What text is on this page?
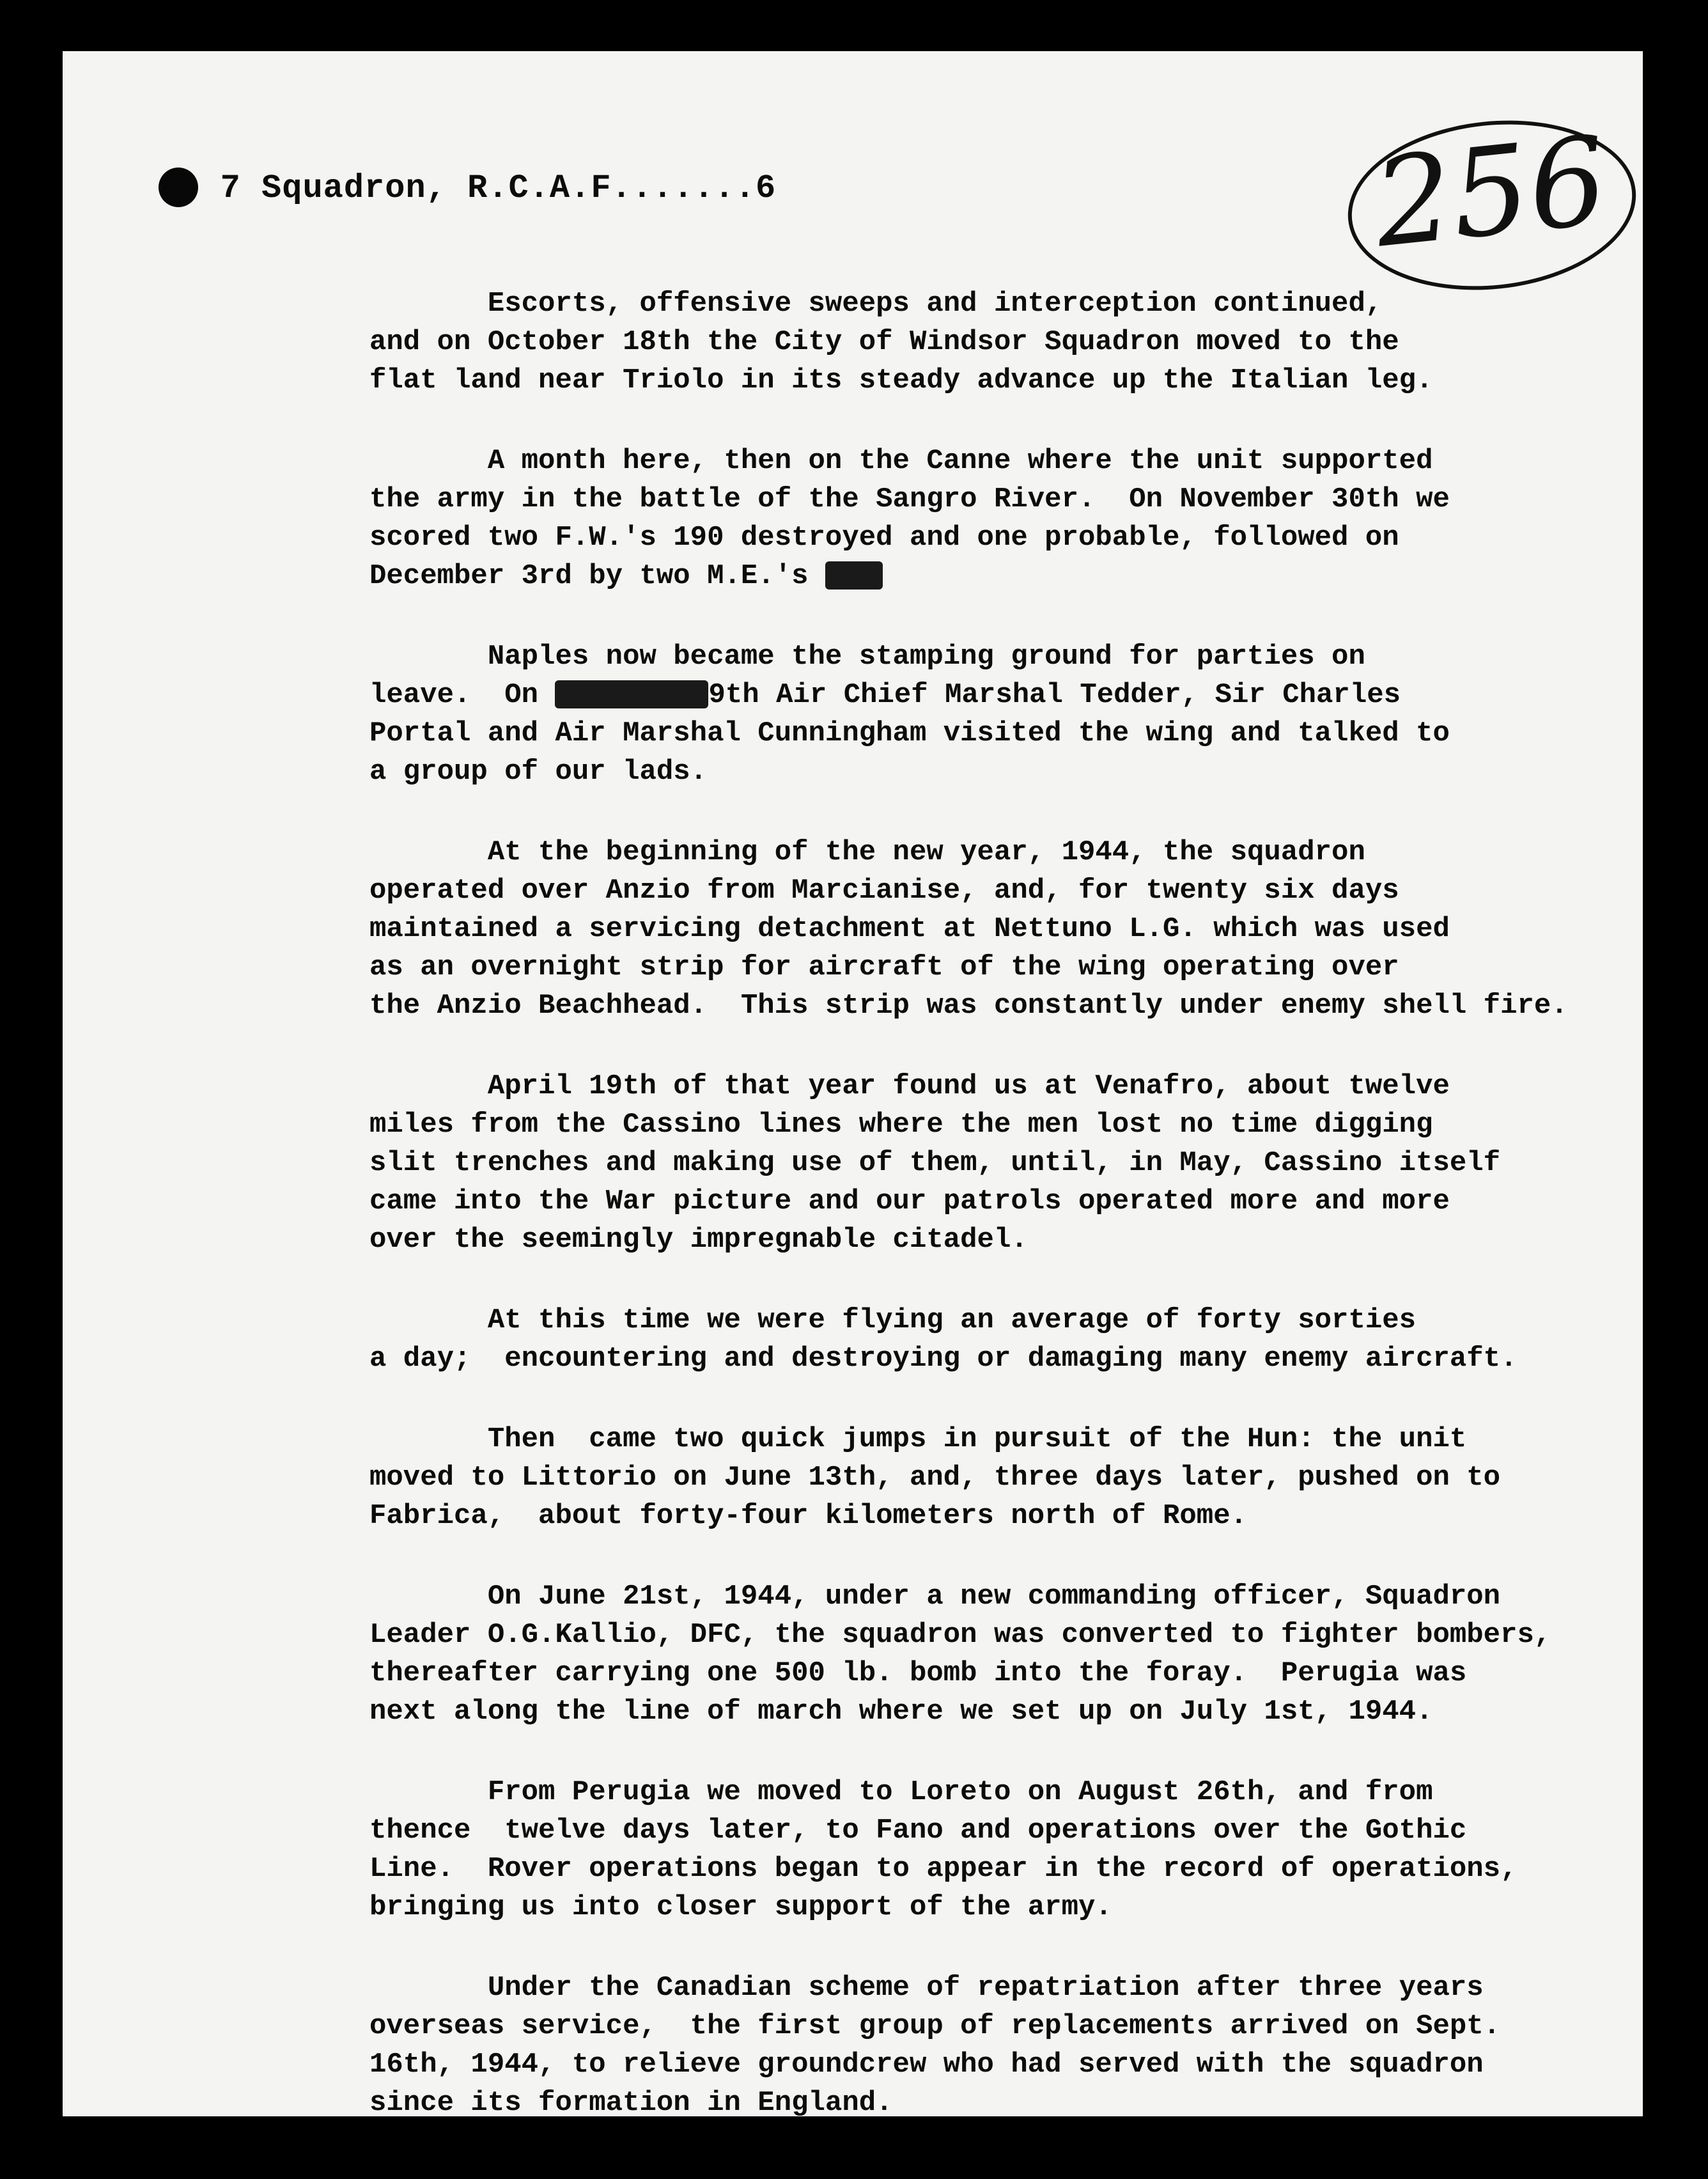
7 Squadron, R.C.A.F.......6	256
Escorts, offensive sweeps and interception continued,
and on October 18th the City of Windsor Squadron moved to the
flat land near Triolo in its steady advance up the Italian leg.
A month here, then on the Canne where the unit supported
the army in the battle of the Sangro River.  On November 30th we
scored two F.W.'s 190 destroyed and one probable, followed on
December 3rd by two M.E.'s
Naples now became the stamping ground for parties on
leave.  On	9th Air Chief Marshal Tedder, Sir Charles
Portal and Air Marshal Cunningham visited the wing and talked to
a group of our lads.
At the beginning of the new year, 1944, the squadron
operated over Anzio from Marcianise, and, for twenty six days
maintained a servicing detachment at Nettuno L.G. which was used
as an overnight strip for aircraft of the wing operating over
the Anzio Beachhead.  This strip was constantly under enemy shell fire.
April 19th of that year found us at Venafro, about twelve
miles from the Cassino lines where the men lost no time digging
slit trenches and making use of them, until, in May, Cassino itself
came into the War picture and our patrols operated more and more
over the seemingly impregnable citadel.
At this time we were flying an average of forty sorties
a day;  encountering and destroying or damaging many enemy aircraft.
Then  came two quick jumps in pursuit of the Hun: the unit
moved to Littorio on June 13th, and, three days later, pushed on to
Fabrica,  about forty-four kilometers north of Rome.
On June 21st, 1944, under a new commanding officer, Squadron
Leader O.G.Kallio, DFC, the squadron was converted to fighter bombers,
thereafter carrying one 500 lb. bomb into the foray.  Perugia was
next along the line of march where we set up on July 1st, 1944.
From Perugia we moved to Loreto on August 26th, and from
thence  twelve days later, to Fano and operations over the Gothic
Line.  Rover operations began to appear in the record of operations,
bringing us into closer support of the army.
Under the Canadian scheme of repatriation after three years
overseas service,  the first group of replacements arrived on Sept.
16th, 1944, to relieve groundcrew who had served with the squadron
since its formation in England.
